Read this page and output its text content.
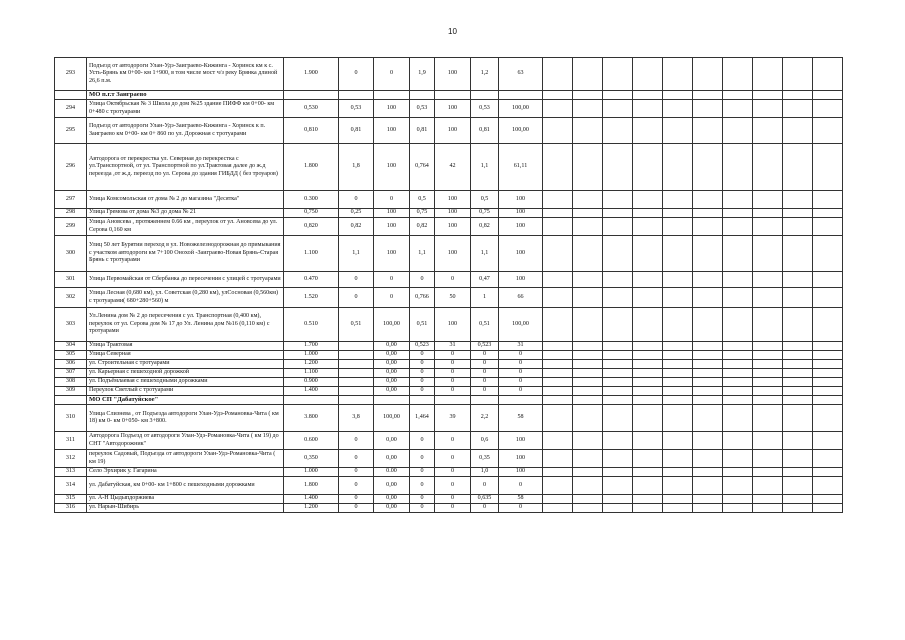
10
293	Подъезд от автодороги Улан-Удэ-Заиграево-Кижинга - Хоринск км к с. Усть-Брянь км 0+00- км 1+900, в том числе мост ч/з реку Брянка длиной 26,6 п.м.	1.900	0	0	1,9	100	1,2	63										
	МО п.г.т Заиграево																	
294	Улица Октябрьская № 3 Школа до дом №25 здание ПИФФ км 0+00- км 0+480 с тротуарами	0,530	0,53	100	0,53	100	0,53	100,00										
295	Подъезд от автодороги Улан-Удэ-Заиграево-Кижинга - Хоринск к п. Заиграево км 0+00- км 0+ 860 по ул. Дорожная с тротуарами	0,810	0,81	100	0,81	100	0,81	100,00										
296	Автодорога от перекрестка ул. Северная до перекрестка с ул.Транспортной, от ул. Транспортной по ул.Трактовая далее до ж.д переезда ,от ж.д. переезд по ул. Серова до здания ГИБДД ( без троуаров)	1.800	1,8	100	0,764	42	1,1	61,11										
297	Улица Комсомольская от дома № 2 до магазина "Десятка"	0.300	0	0	0,5	100	0,5	100										
298	Улица Гремова от дома №3 до дома № 21	0,750	0,25	100	0,75	100	0,75	100										
299	Улица Ановсева , протяженнем 0.66 км , переулок от ул. Ановсева до ул. Серова 0,160 км	0,820	0,82	100	0,82	100	0,82	100										
300	Улиц 50 лет Бурятии переход в ул. Новожелезнодорожная до примыкания с участком автодороги км 7+100 Онохой -Заиграево-Новая Брянь-Старая Брянь с тротуарами	1.100	1,1	100	1,1	100	1,1	100										
301	Улица Первомайская от Сбербанка до пересечения с улицей с тротуарами	0.470	0	0	0	0	0,47	100										
302	Улица Лесная (0,680 км), ул. Советская (0,280 км), улСосновая (0,560км) с тротуарами( 680+280+560) м	1.520	0	0	0,766	50	1	66										
303	Ул.Ленина дом № 2 до пересечения с ул. Транспортная (0,400 км), переулок от ул. Серова дом № 17 до Ул. Ленина дом №16 (0,110 км) с тротуарами	0.510	0,51	100,00	0,51	100	0,51	100,00										
304	Улица Трактовая	1.700		0,00	0,523	31	0,523	31										
305	Улица Северная	1.000		0,00	0	0	0	0										
306	ул. Строительная с тротуарами	1.200		0,00	0	0	0	0										
307	ул. Карьерная с пешеходной дорожкой	1.100		0,00	0	0	0	0										
308	ул. Подъёмлаевая с пешеходными дорожками	0.900		0,00	0	0	0	0										
309	Переулок Светлый с тротуарами	1.400		0,00	0	0	0	0										
	МО СП "Дабатуйское"																	
310	Улица Слизнева , от Подъезда автодороги Улан-Удэ-Романовка-Чита ( км 18) км 0- км 0+050- км 3+800.	3.800	3,8	100,00	1,464	39	2,2	58										
311	Автодорога Подъезд от автодороги Улан-Удэ-Романовка-Чита ( км 19) до СНТ "Автодорожник"	0.600	0	0,00	0	0	0,6	100										
312	переулок Садовый, Подъезда от автодороги Улан-Удэ-Романовка-Чита ( км 19)	0,350	0	0,00	0	0	0,35	100										
313	Село Эрхирик у. Гагарина	1.000	0	0.00	0	0	1,0	100										
314	ул. Дабатуйская, км 0+00- км 1+800 с пешеходными дорожками	1.800	0	0,00	0	0	0	0										
315	ул. А-Н Цыдыпдоржиева	1.400	0	0,00	0	0	0,635	58										
316	ул. Нарын-Шибирь	1.200	0	0,00	0	0	0	0										
